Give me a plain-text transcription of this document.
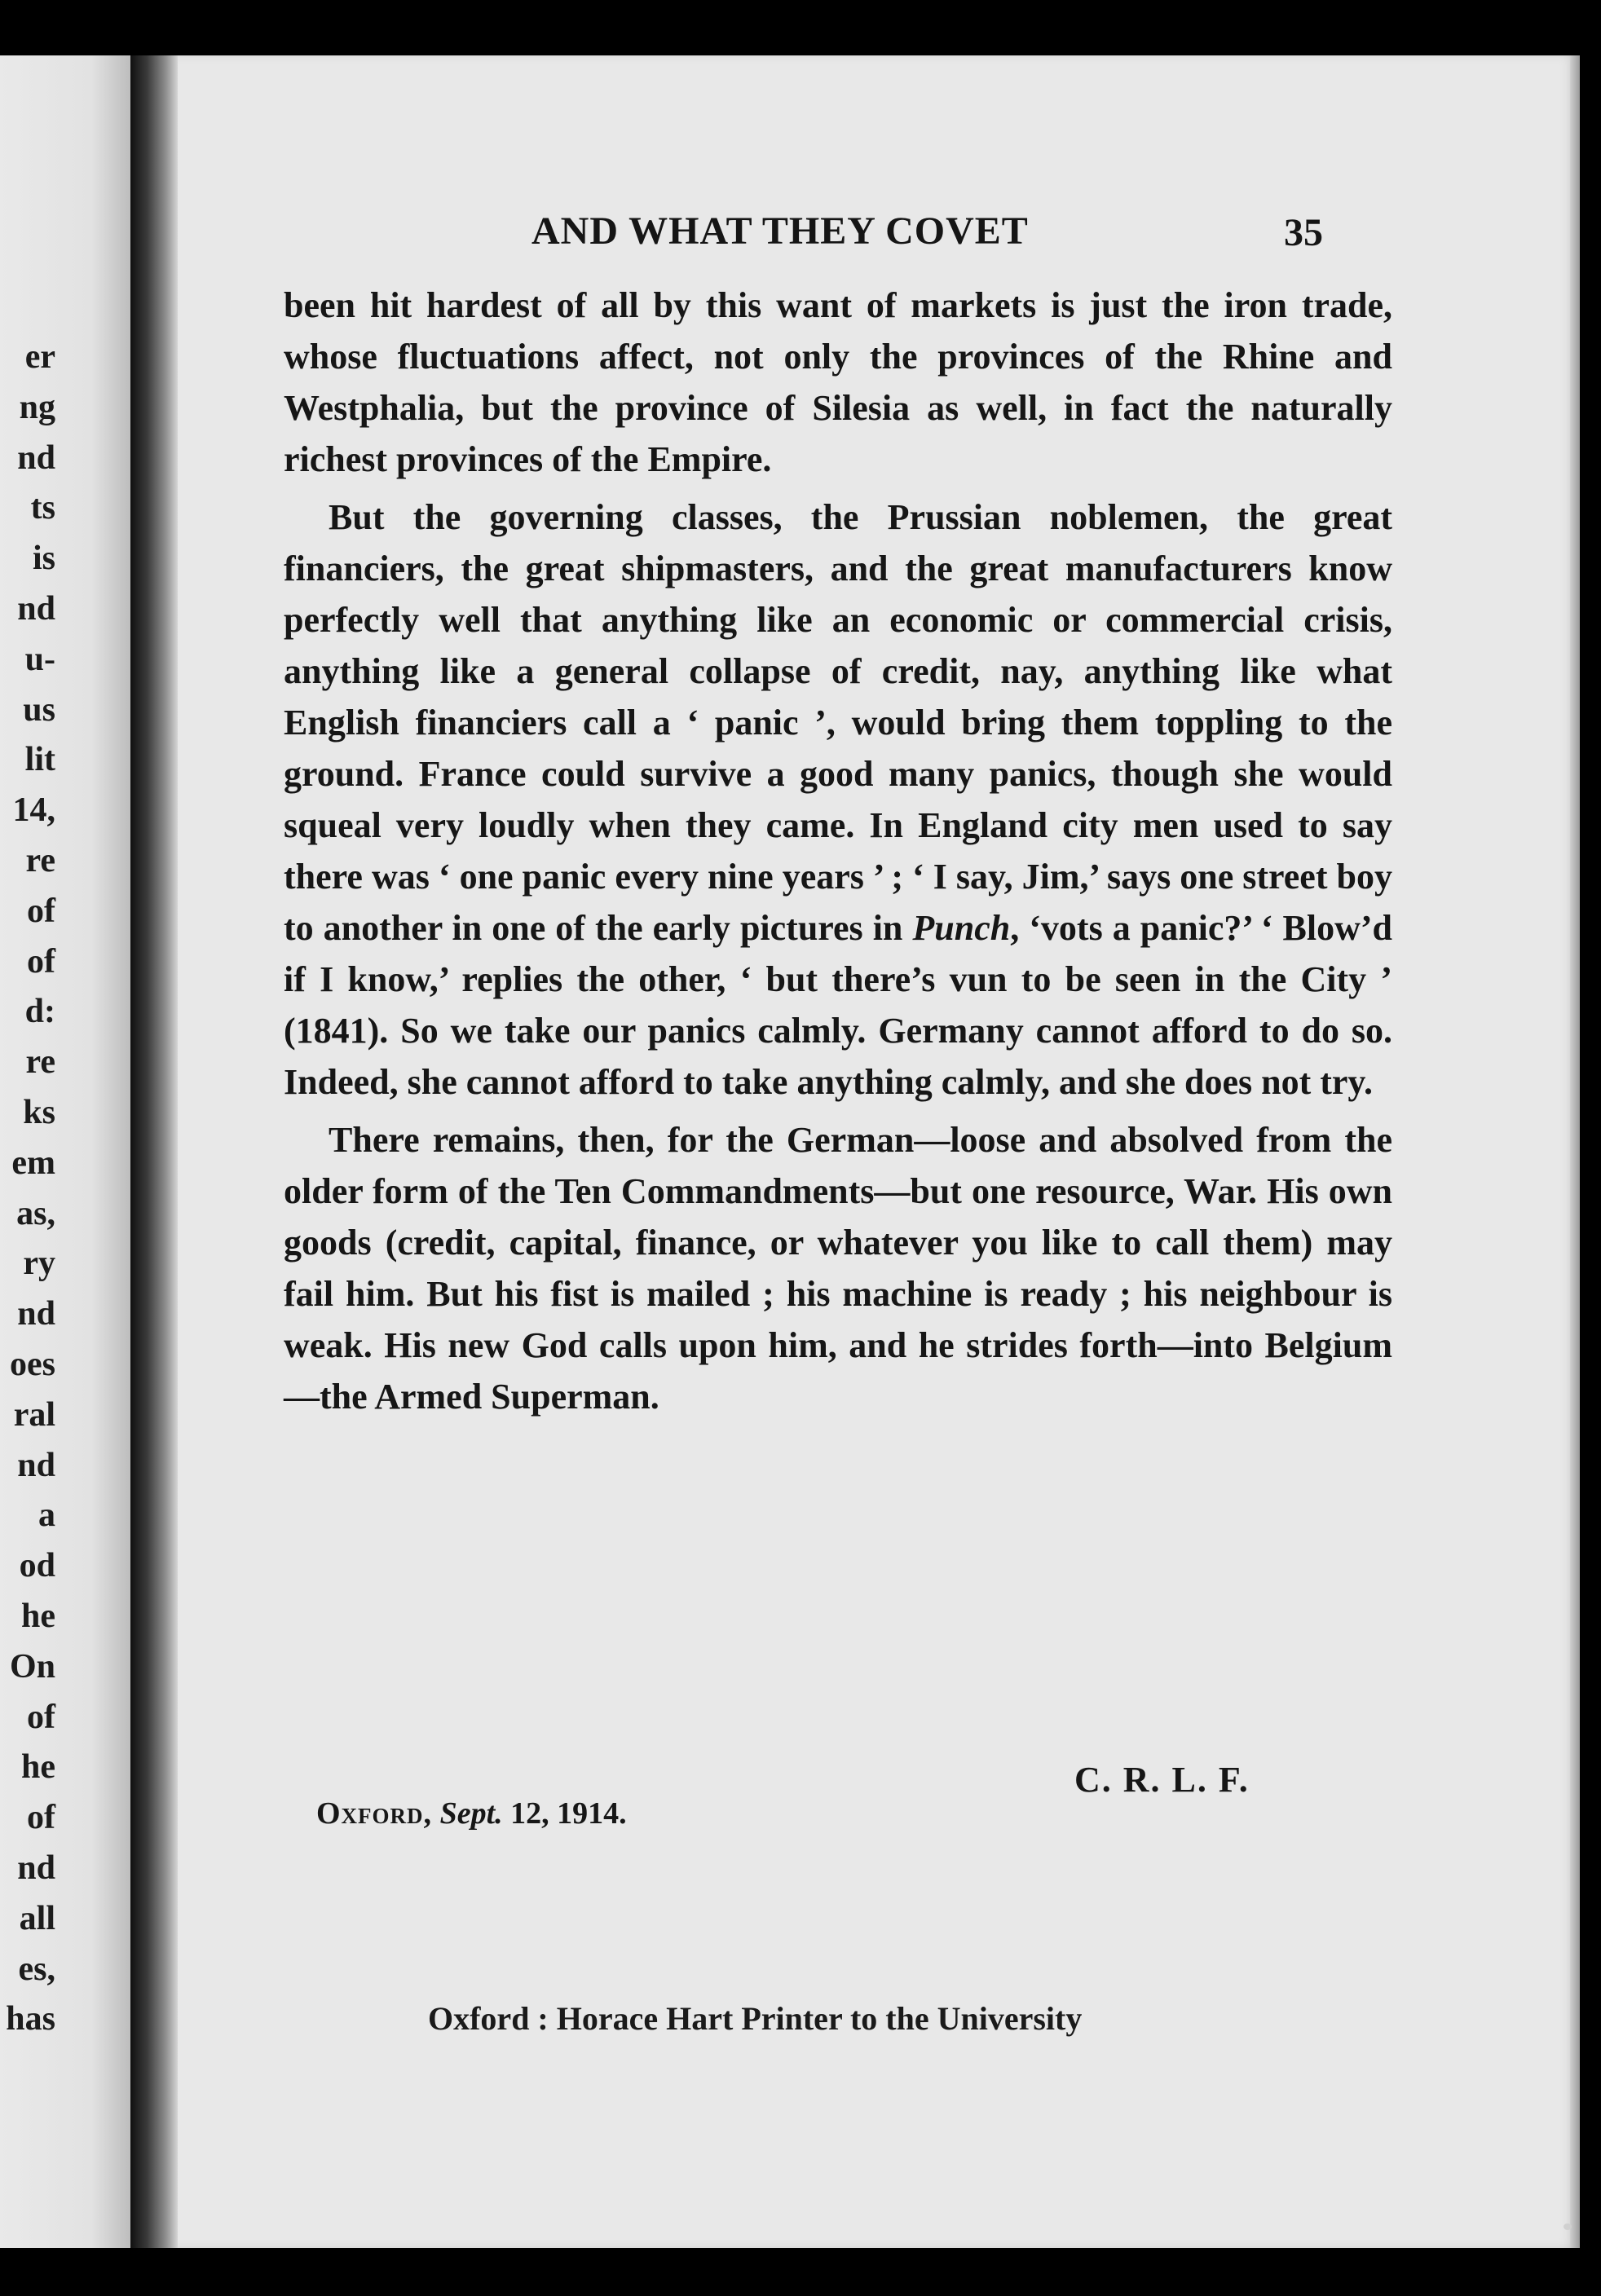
er
ng
nd
ts
is
nd
u-
us
lit
14,
re
of
of
d:
re
ks
em
as,
ry
nd
oes
ral
nd
a
od
he
On
of
he
of
nd
all
es,
has
AND WHAT THEY COVET	35

been hit hardest of all by this want of markets is just the iron trade, whose fluctuations affect, not only the provinces of the Rhine and Westphalia, but the province of Silesia as well, in fact the naturally richest provinces of the Empire.

But the governing classes, the Prussian noblemen, the great financiers, the great shipmasters, and the great manufacturers know perfectly well that anything like an economic or commercial crisis, anything like a general collapse of credit, nay, anything like what English financiers call a ‘ panic ’, would bring them toppling to the ground. France could survive a good many panics, though she would squeal very loudly when they came. In England city men used to say there was ‘ one panic every nine years ’ ; ‘ I say, Jim,’ says one street boy to another in one of the early pictures in Punch, ‘vots a panic?’ ‘ Blow’d if I know,’ replies the other, ‘ but there’s vun to be seen in the City ’ (1841). So we take our panics calmly. Germany cannot afford to do so. Indeed, she cannot afford to take anything calmly, and she does not try.

There remains, then, for the German—loose and absolved from the older form of the Ten Commandments—but one resource, War. His own goods (credit, capital, finance, or whatever you like to call them) may fail him. But his fist is mailed ; his machine is ready ; his neighbour is weak. His new God calls upon him, and he strides forth—into Belgium—the Armed Superman.

C. R. L. F.
Oxford, Sept. 12, 1914.
Oxford : Horace Hart Printer to the University
